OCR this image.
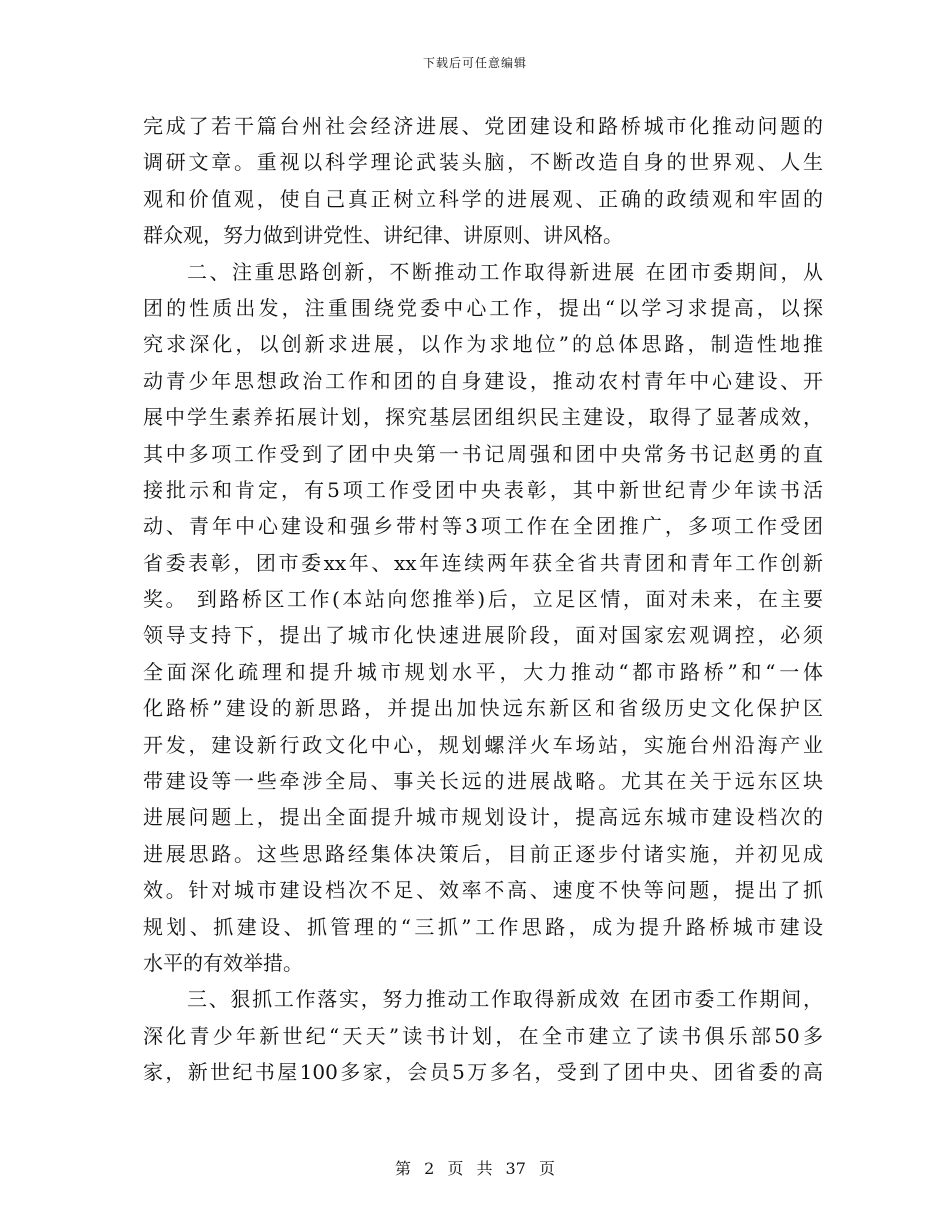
下载后可任意编辑
完成了若干篇台州社会经济进展、党团建设和路桥城市化推动问题的
调研文章。重视以科学理论武装头脑，不断改造自身的世界观、人生
观和价值观，使自己真正树立科学的进展观、正确的政绩观和牢固的
群众观，努力做到讲党性、讲纪律、讲原则、讲风格。
二、注重思路创新，不断推动工作取得新进展 在团市委期间，从
团的性质出发，注重围绕党委中心工作，提出“以学习求提高，以探
究求深化，以创新求进展，以作为求地位”的总体思路，制造性地推
动青少年思想政治工作和团的自身建设，推动农村青年中心建设、开
展中学生素养拓展计划，探究基层团组织民主建设，取得了显著成效，
其中多项工作受到了团中央第一书记周强和团中央常务书记赵勇的直
接批示和肯定，有5项工作受团中央表彰，其中新世纪青少年读书活
动、青年中心建设和强乡带村等3项工作在全团推广，多项工作受团
省委表彰，团市委xx年、xx年连续两年获全省共青团和青年工作创新
奖。 到路桥区工作(本站向您推举)后，立足区情，面对未来，在主要
领导支持下，提出了城市化快速进展阶段，面对国家宏观调控，必须
全面深化疏理和提升城市规划水平，大力推动“都市路桥”和“一体
化路桥”建设的新思路，并提出加快远东新区和省级历史文化保护区
开发，建设新行政文化中心，规划螺洋火车场站，实施台州沿海产业
带建设等一些牵涉全局、事关长远的进展战略。尤其在关于远东区块
进展问题上，提出全面提升城市规划设计，提高远东城市建设档次的
进展思路。这些思路经集体决策后，目前正逐步付诸实施，并初见成
效。针对城市建设档次不足、效率不高、速度不快等问题，提出了抓
规划、抓建设、抓管理的“三抓”工作思路，成为提升路桥城市建设
水平的有效举措。
三、狠抓工作落实，努力推动工作取得新成效 在团市委工作期间，
深化青少年新世纪“天天”读书计划，在全市建立了读书俱乐部50多
家，新世纪书屋100多家，会员5万多名，受到了团中央、团省委的高
第 2 页 共 37 页
